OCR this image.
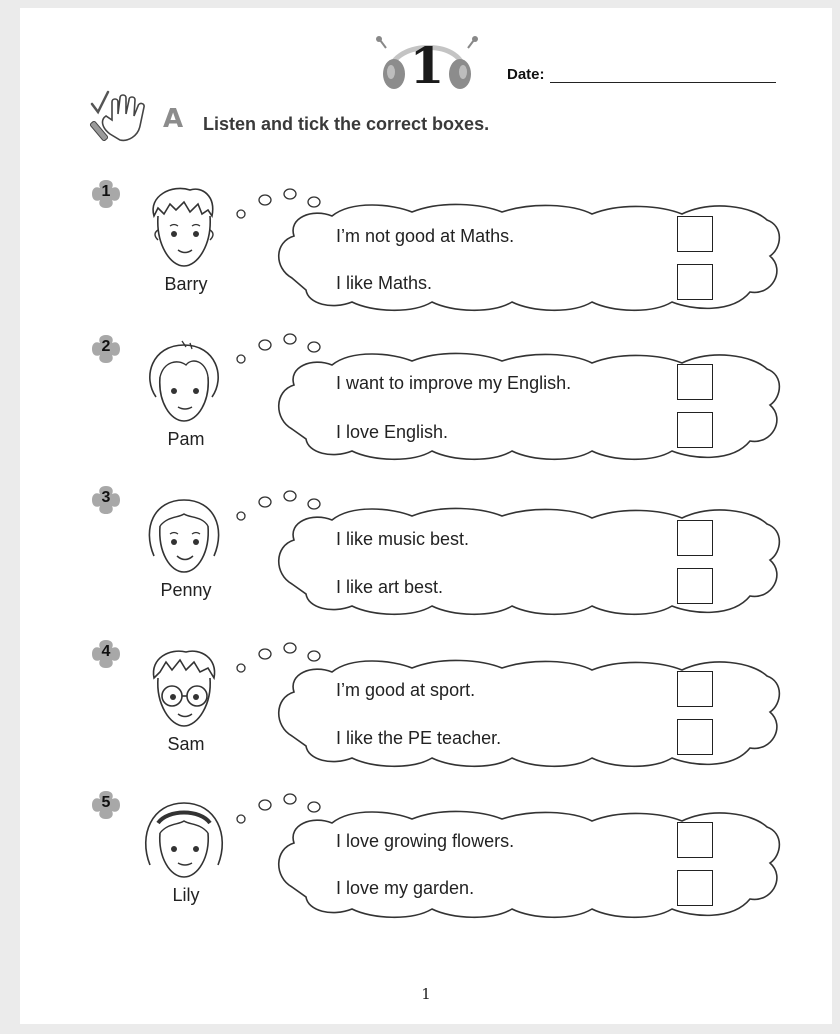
1	Date:
A Listen and tick the correct boxes.
1
Barry
I’m not good at Maths.
I like Maths.
2
Pam
I want to improve my English.
I love English.
3
Penny
I like music best.
I like art best.
4
Sam
I’m good at sport.
I like the PE teacher.
5
Lily
I love growing flowers.
I love my garden.
1
